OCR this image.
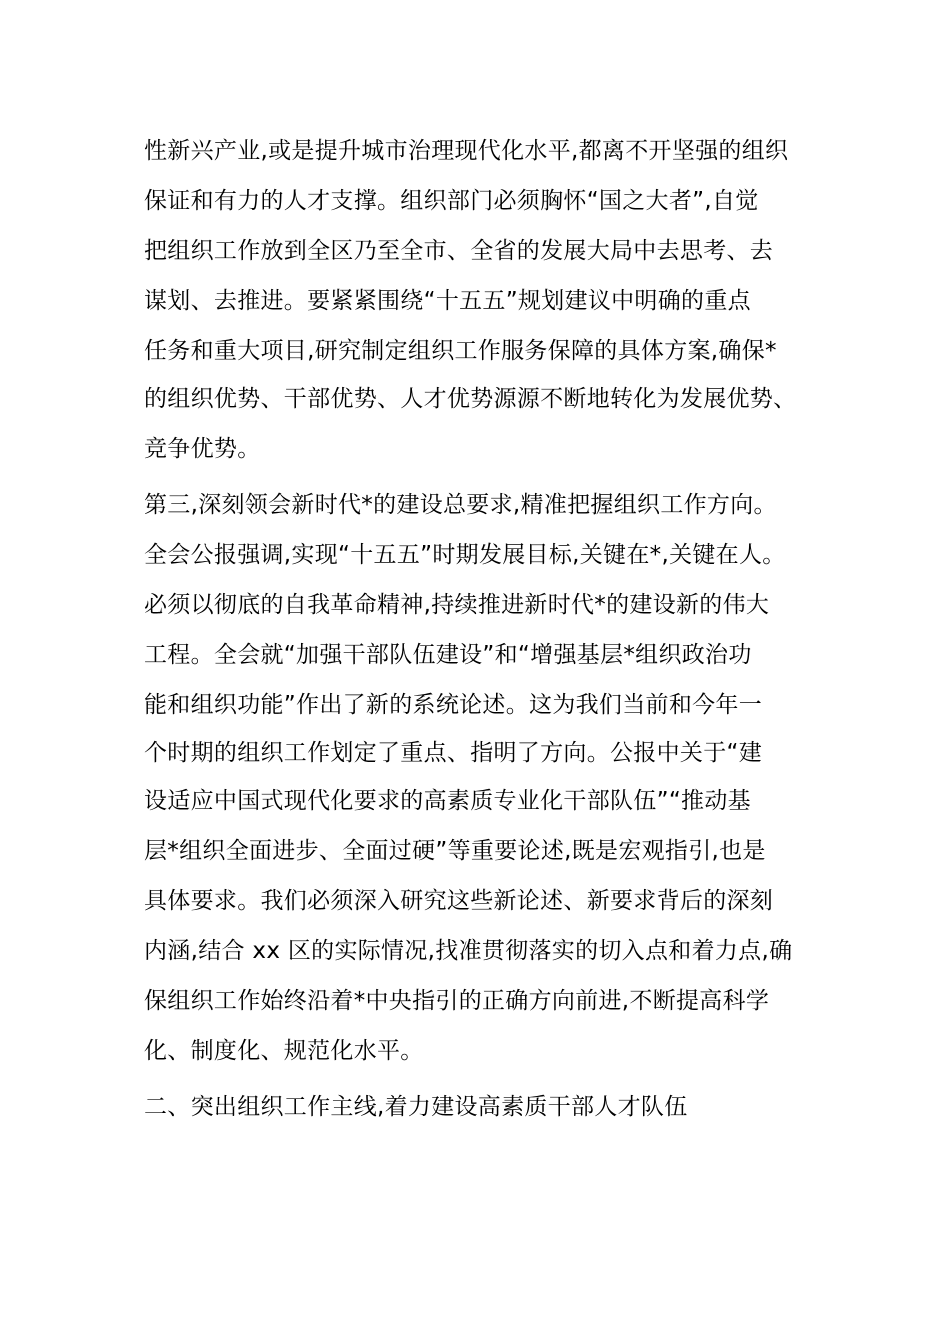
性新兴产业,或是提升城市治理现代化水平,都离不开坚强的组织
保证和有力的人才支撑。组织部门必须胸怀“国之大者”,自觉
把组织工作放到全区乃至全市、全省的发展大局中去思考、去
谋划、去推进。要紧紧围绕“十五五”规划建议中明确的重点
任务和重大项目,研究制定组织工作服务保障的具体方案,确保*
的组织优势、干部优势、人才优势源源不断地转化为发展优势、
竞争优势。
第三,深刻领会新时代*的建设总要求,精准把握组织工作方向。
全会公报强调,实现“十五五”时期发展目标,关键在*,关键在人。
必须以彻底的自我革命精神,持续推进新时代*的建设新的伟大
工程。全会就“加强干部队伍建设”和“增强基层*组织政治功
能和组织功能”作出了新的系统论述。这为我们当前和今年一
个时期的组织工作划定了重点、指明了方向。公报中关于“建
设适应中国式现代化要求的高素质专业化干部队伍”“推动基
层*组织全面进步、全面过硬”等重要论述,既是宏观指引,也是
具体要求。我们必须深入研究这些新论述、新要求背后的深刻
内涵,结合 xx 区的实际情况,找准贯彻落实的切入点和着力点,确
保组织工作始终沿着*中央指引的正确方向前进,不断提高科学
化、制度化、规范化水平。
二、突出组织工作主线,着力建设高素质干部人才队伍
